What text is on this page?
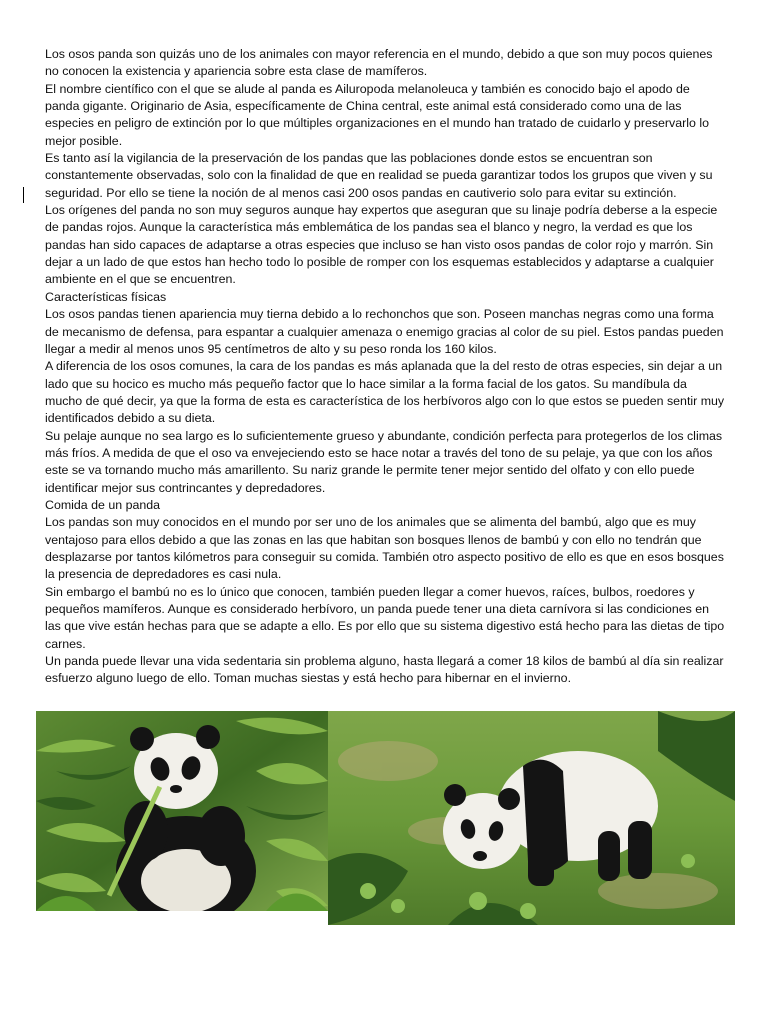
Los osos panda son quizás uno de los animales con mayor referencia en el mundo, debido a que son muy pocos quienes no conocen la existencia y apariencia sobre esta clase de mamíferos.

El nombre científico con el que se alude al panda es Ailuropoda melanoleuca y también es conocido bajo el apodo de panda gigante. Originario de Asia, específicamente de China central, este animal está considerado como una de las especies en peligro de extinción por lo que múltiples organizaciones en el mundo han tratado de cuidarlo y preservarlo lo mejor posible.

Es tanto así la vigilancia de la preservación de los pandas que las poblaciones donde estos se encuentran son constantemente observadas, solo con la finalidad de que en realidad se pueda garantizar todos los grupos que viven y su seguridad. Por ello se tiene la noción de al menos casi 200 osos pandas en cautiverio solo para evitar su extinción.

Los orígenes del panda no son muy seguros aunque hay expertos que aseguran que su linaje podría deberse a la especie de pandas rojos. Aunque la característica más emblemática de los pandas sea el blanco y negro, la verdad es que los pandas han sido capaces de adaptarse a otras especies que incluso se han visto osos pandas de color rojo y marrón. Sin dejar a un lado de que estos han hecho todo lo posible de romper con los esquemas establecidos y adaptarse a cualquier ambiente en el que se encuentren.

Características físicas

Los osos pandas tienen apariencia muy tierna debido a lo rechonchos que son. Poseen manchas negras como una forma de mecanismo de defensa, para espantar a cualquier amenaza o enemigo gracias al color de su piel. Estos pandas pueden llegar a medir al menos unos 95 centímetros de alto y su peso ronda los 160 kilos.

A diferencia de los osos comunes, la cara de los pandas es más aplanada que la del resto de otras especies, sin dejar a un lado que su hocico es mucho más pequeño factor que lo hace similar a la forma facial de los gatos. Su mandíbula da mucho de qué decir, ya que la forma de esta es característica de los herbívoros algo con lo que estos se pueden sentir muy identificados debido a su dieta.

Su pelaje aunque no sea largo es lo suficientemente grueso y abundante, condición perfecta para protegerlos de los climas más fríos. A medida de que el oso va envejeciendo esto se hace notar a través del tono de su pelaje, ya que con los años este se va tornando mucho más amarillento. Su nariz grande le permite tener mejor sentido del olfato y con ello puede identificar mejor sus contrincantes y depredadores.

Comida de un panda

Los pandas son muy conocidos en el mundo por ser uno de los animales que se alimenta del bambú, algo que es muy ventajoso para ellos debido a que las zonas en las que habitan son bosques llenos de bambú y con ello no tendrán que desplazarse por tantos kilómetros para conseguir su comida. También otro aspecto positivo de ello es que en esos bosques la presencia de depredadores es casi nula.

Sin embargo el bambú no es lo único que conocen, también pueden llegar a comer huevos, raíces, bulbos, roedores y pequeños mamíferos. Aunque es considerado herbívoro, un panda puede tener una dieta carnívora si las condiciones en las que vive están hechas para que se adapte a ello. Es por ello que su sistema digestivo está hecho para las dietas de tipo carnes.

Un panda puede llevar una vida sedentaria sin problema alguno, hasta llegará a comer 18 kilos de bambú al día sin realizar esfuerzo alguno luego de ello. Toman muchas siestas y está hecho para hibernar en el invierno.
